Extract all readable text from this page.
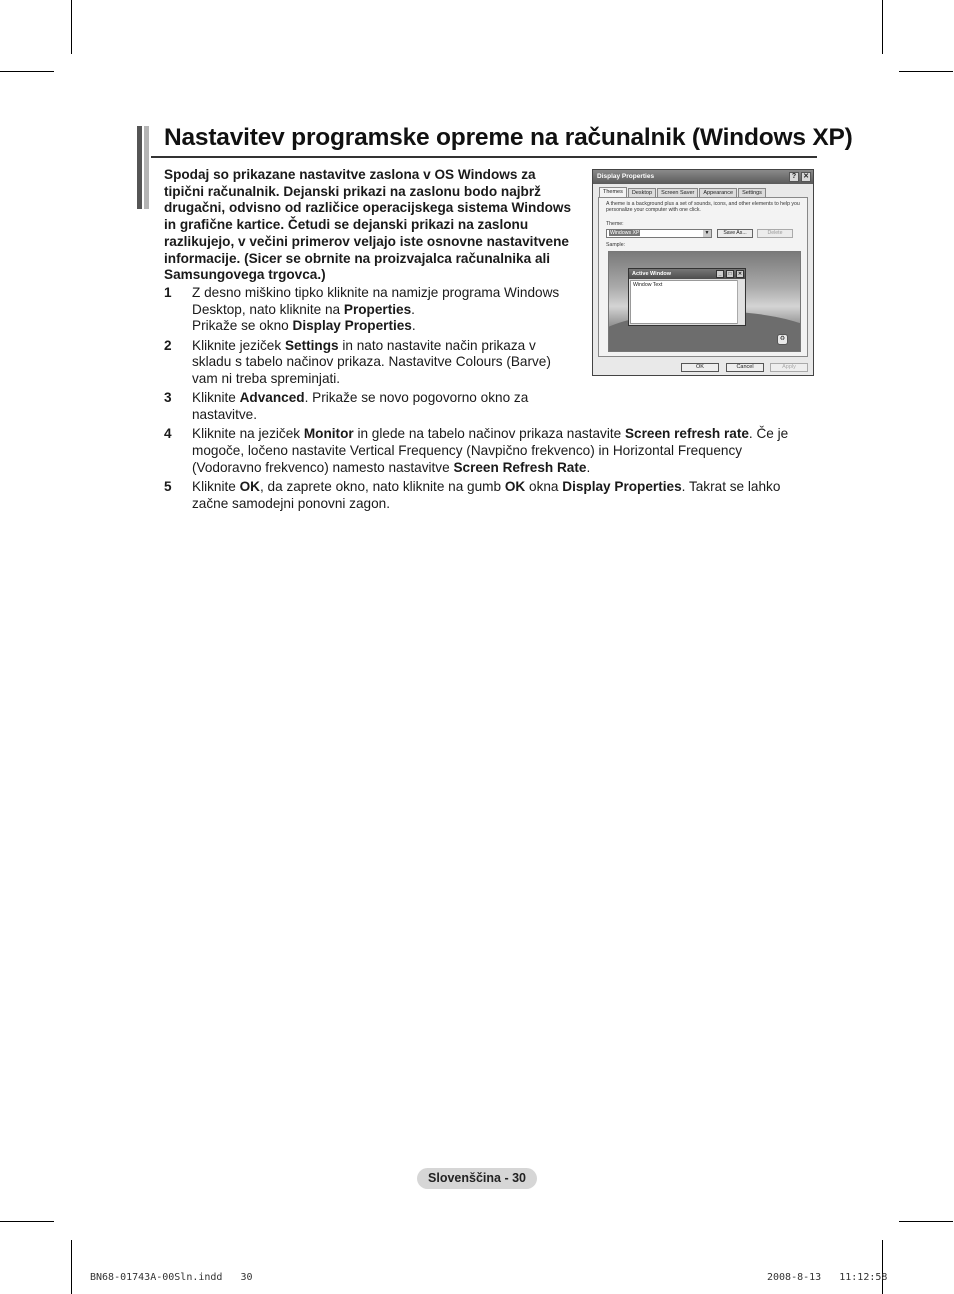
Nastavitev programske opreme na računalnik (Windows XP)

Spodaj so prikazane nastavitve zaslona v OS Windows za tipični računalnik. Dejanski prikazi na zaslonu bodo najbrž drugačni, odvisno od različice operacijskega sistema Windows in grafične kartice. Četudi se dejanski prikazi na zaslonu razlikujejo, v večini primerov veljajo iste osnovne nastavitvene informacije. (Sicer se obrnite na proizvajalca računalnika ali Samsungovega trgovca.)

1 Z desno miškino tipko kliknite na namizje programa Windows Desktop, nato kliknite na Properties.
Prikaže se okno Display Properties.
2 Kliknite jeziček Settings in nato nastavite način prikaza v skladu s tabelo načinov prikaza. Nastavitve Colours (Barve) vam ni treba spreminjati.
3 Kliknite Advanced. Prikaže se novo pogovorno okno za nastavitve.
4 Kliknite na jeziček Monitor in glede na tabelo načinov prikaza nastavite Screen refresh rate. Če je mogoče, ločeno nastavite Vertical Frequency (Navpično frekvenco) in Horizontal Frequency (Vodoravno frekvenco) namesto nastavitve Screen Refresh Rate.
5 Kliknite OK, da zaprete okno, nato kliknite na gumb OK okna Display Properties. Takrat se lahko začne samodejni ponovni zagon.
Display Properties	? ✕
Themes	Desktop	Screen Saver	Appearance	Settings

A theme is a background plus a set of sounds, icons, and other elements to help you personalize your computer with one click.

Theme:
Windows XP	▼	Save As...	Delete
Sample:
Active Window	_	□	✕
Window Text
♻
OK	Cancel	Apply
Slovenščina - 30
BN68-01743A-00Sln.indd   30	2008-8-13   11:12:58
